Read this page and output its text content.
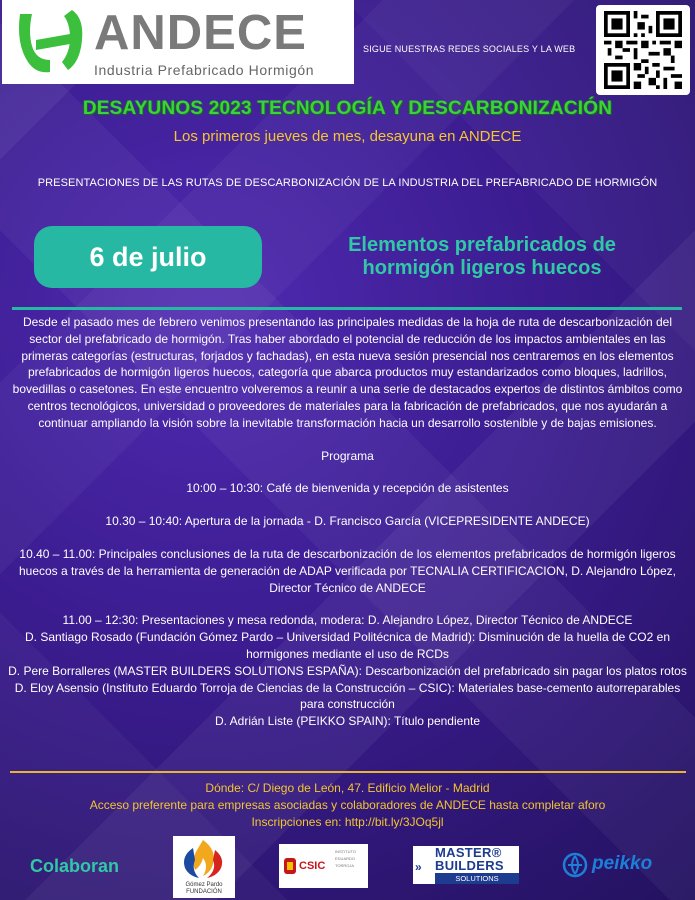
ANDECE
Industria Prefabricado Hormigón
SIGUE NUESTRAS REDES SOCIALES Y LA WEB
DESAYUNOS 2023 TECNOLOGÍA Y DESCARBONIZACIÓN
Los primeros jueves de mes, desayuna en ANDECE
PRESENTACIONES DE LAS RUTAS DE DESCARBONIZACIÓN DE LA INDUSTRIA DEL PREFABRICADO DE HORMIGÓN
6 de julio	Elementos prefabricados de
hormigón ligeros huecos

Desde el pasado mes de febrero venimos presentando las principales medidas de la hoja de ruta de descarbonización del sector del prefabricado de hormigón. Tras haber abordado el potencial de reducción de los impactos ambientales en las primeras categorías (estructuras, forjados y fachadas), en esta nueva sesión presencial nos centraremos en los elementos prefabricados de hormigón ligeros huecos, categoría que abarca productos muy estandarizados como bloques, ladrillos, bovedillas o casetones. En este encuentro volveremos a reunir a una serie de destacados expertos de distintos ámbitos como centros tecnológicos, universidad o proveedores de materiales para la fabricación de prefabricados, que nos ayudarán a continuar ampliando la visión sobre la inevitable transformación hacia un desarrollo sostenible y de bajas emisiones.

Programa

10:00 – 10:30: Café de bienvenida y recepción de asistentes

10.30 – 10:40: Apertura de la jornada - D. Francisco García (VICEPRESIDENTE ANDECE)

10.40 – 11.00: Principales conclusiones de la ruta de descarbonización de los elementos prefabricados de hormigón ligeros huecos a través de la herramienta de generación de ADAP verificada por TECNALIA CERTIFICACION, D. Alejandro López, Director Técnico de ANDECE

11.00 – 12:30: Presentaciones y mesa redonda, modera: D. Alejandro López, Director Técnico de ANDECE

D. Santiago Rosado (Fundación Gómez Pardo – Universidad Politécnica de Madrid): Disminución de la huella de CO2 en hormigones mediante el uso de RCDs

D. Pere Borralleres (MASTER BUILDERS SOLUTIONS ESPAÑA): Descarbonización del prefabricado sin pagar los platos rotos

D. Eloy Asensio (Instituto Eduardo Torroja de Ciencias de la Construcción – CSIC): Materiales base-cemento autorreparables para construcción

D. Adrián Liste (PEIKKO SPAIN): Título pendiente

Dónde: C/ Diego de León, 47. Edificio Melior - Madrid
Acceso preferente para empresas asociadas y colaboradores de ANDECE hasta completar aforo
Inscripciones en: http://bit.ly/3JOq5jl
Colaboran
Gómez Pardo
FUNDACIÓN
CSIC
INSTITUTO EDUARDO TORROJA	»
MASTER®
BUILDERS
SOLUTIONS
peikko
